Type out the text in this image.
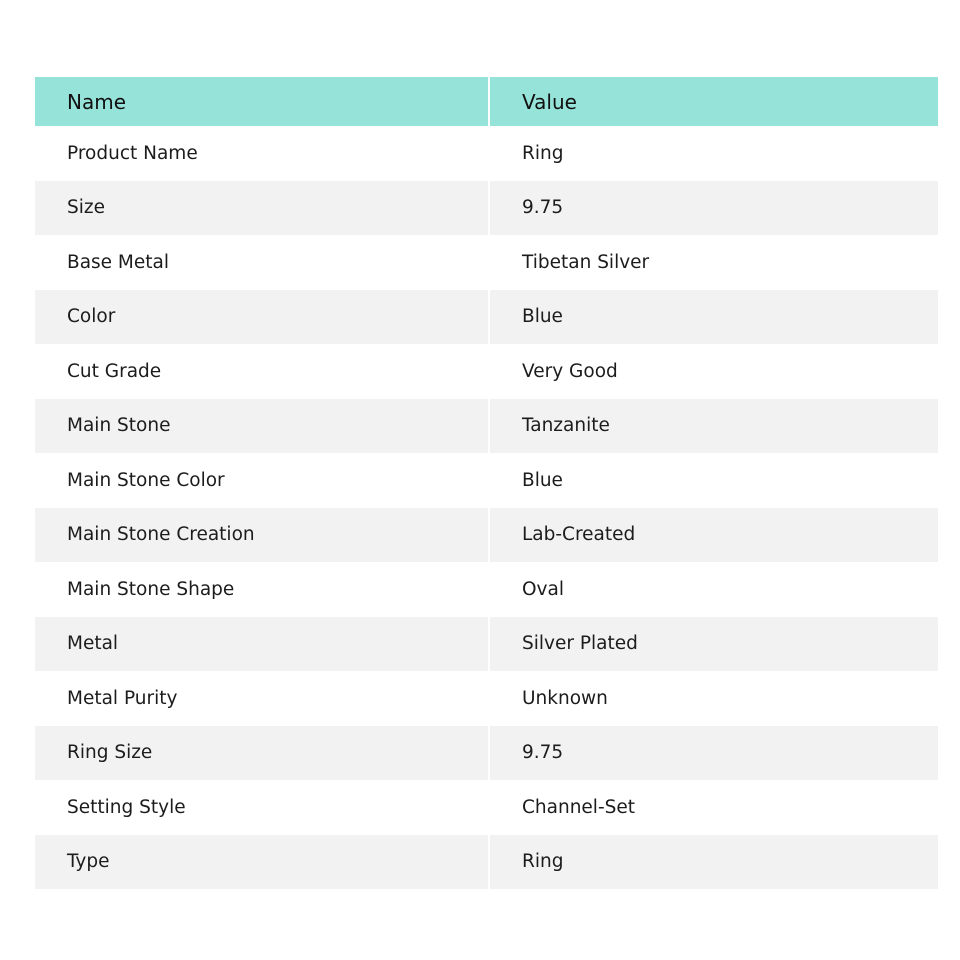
Name	Value
Product Name	Ring
Size	9.75
Base Metal	Tibetan Silver
Color	Blue
Cut Grade	Very Good
Main Stone	Tanzanite
Main Stone Color	Blue
Main Stone Creation	Lab-Created
Main Stone Shape	Oval
Metal	Silver Plated
Metal Purity	Unknown
Ring Size	9.75
Setting Style	Channel-Set
Type	Ring
